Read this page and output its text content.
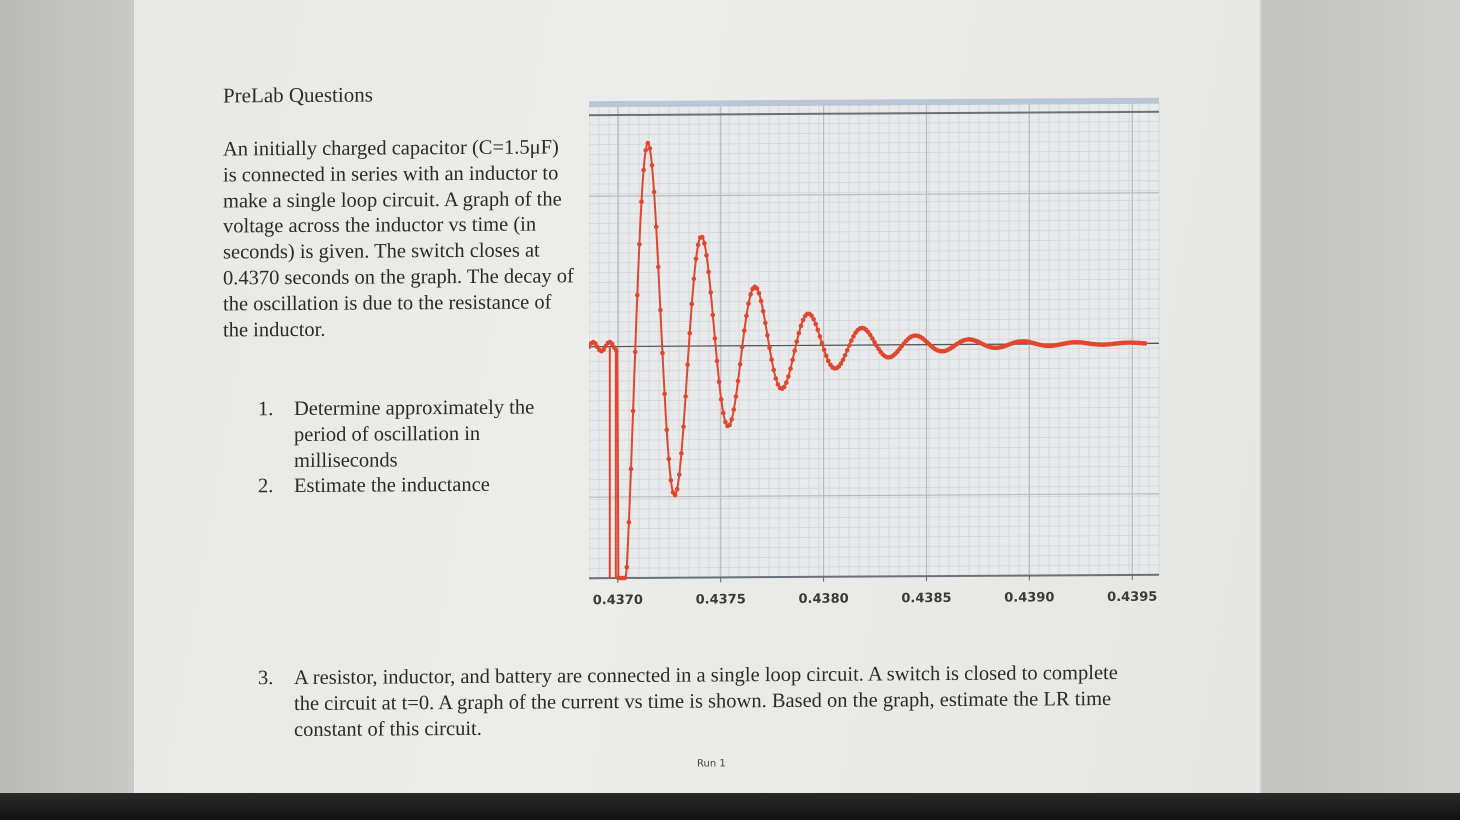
PreLab Questions
An initially charged capacitor (C=1.5μF) is connected in series with an inductor to make a single loop circuit. A graph of the voltage across the inductor vs time (in seconds) is given. The switch closes at 0.4370 seconds on the graph. The decay of the oscillation is due to the resistance of the inductor.
1. Determine approximately the period of oscillation in milliseconds
2. Estimate the inductance
0.4370	0.4375	0.4380	0.4385	0.4390	0.4395
3. A resistor, inductor, and battery are connected in a single loop circuit. A switch is closed to complete the circuit at t=0. A graph of the current vs time is shown. Based on the graph, estimate the LR time constant of this circuit.
Run 1
